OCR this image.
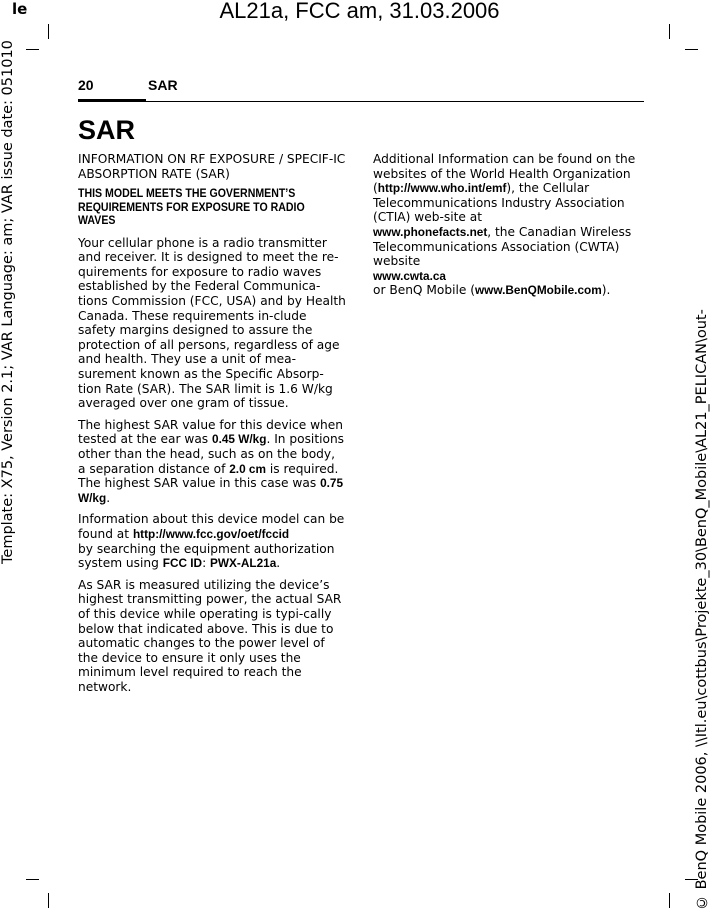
le	AL21a, FCC am, 31.03.2006
Template: X75, Version 2.1; VAR Language: am; VAR issue date: 051010
© BenQ Mobile 2006, \\Itl.eu\cottbus\Projekte_30\BenQ_Mobile\AL21_PELICAN\out-
20	SAR
SAR

INFORMATION ON RF EXPOSURE / SPECIF-IC ABSORPTION RATE (SAR)

THIS MODEL MEETS THE GOVERNMENT’S REQUIREMENTS FOR EXPOSURE TO RADIO WAVES

Your cellular phone is a radio transmitter and receiver. It is designed to meet the re-quirements for exposure to radio waves established by the Federal Communica-tions Commission (FCC, USA) and by Health Canada. These requirements in-clude safety margins designed to assure the protection of all persons, regardless of age and health. They use a unit of mea-surement known as the Specific Absorp-tion Rate (SAR). The SAR limit is 1.6 W/kg averaged over one gram of tissue.

The highest SAR value for this device when tested at the ear was 0.45 W/kg. In positions other than the head, such as on the body, a separation distance of 2.0 cm is required. The highest SAR value in this case was 0.75 W/kg.

Information about this device model can be found at http://www.fcc.gov/oet/fccid
by searching the equipment authorization system using FCC ID: PWX-AL21a.

As SAR is measured utilizing the device’s highest transmitting power, the actual SAR of this device while operating is typi-cally below that indicated above. This is due to automatic changes to the power level of the device to ensure it only uses the minimum level required to reach the network.

Additional Information can be found on the websites of the World Health Organization (http://www.who.int/emf), the Cellular Telecommunications Industry Association (CTIA) web-site at
www.phonefacts.net, the Canadian Wireless Telecommunications Association (CWTA) website
www.cwta.ca
or BenQ Mobile (www.BenQMobile.com).
